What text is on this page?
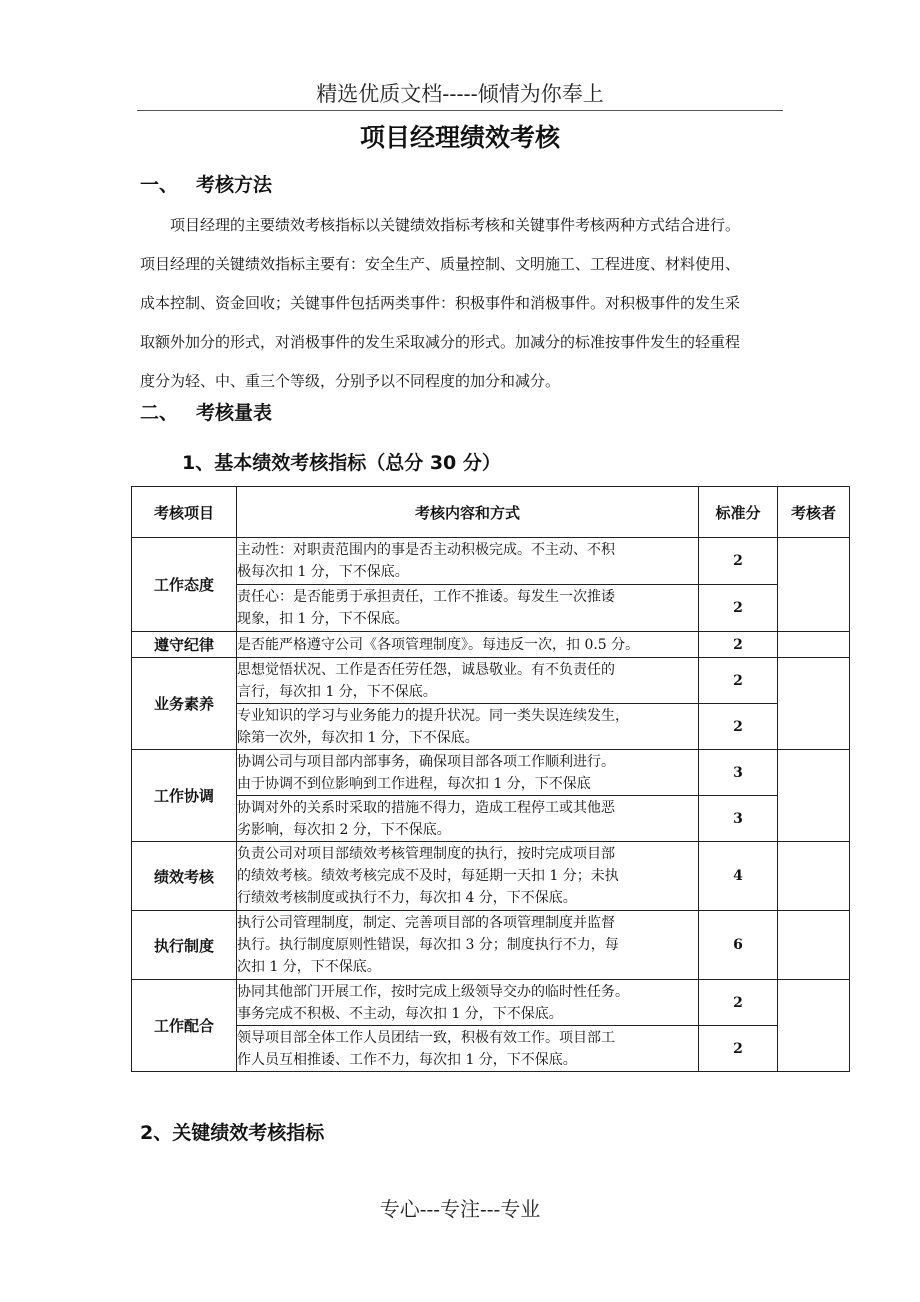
精选优质文档-----倾情为你奉上
项目经理绩效考核
一、 考核方法
项目经理的主要绩效考核指标以关键绩效指标考核和关键事件考核两种方式结合进行。
项目经理的关键绩效指标主要有：安全生产、质量控制、文明施工、工程进度、材料使用、
成本控制、资金回收；关键事件包括两类事件：积极事件和消极事件。对积极事件的发生采
取额外加分的形式，对消极事件的发生采取减分的形式。加减分的标准按事件发生的轻重程
度分为轻、中、重三个等级，分别予以不同程度的加分和减分。
二、 考核量表
1、基本绩效考核指标（总分 30 分）
考核项目	考核内容和方式	标准分	考核者
工作态度	主动性：对职责范围内的事是否主动积极完成。不主动、不积
极每次扣 1 分，下不保底。	2	

	责任心：是否能勇于承担责任，工作不推诿。每发生一次推诿
现象，扣 1 分，下不保底。	2	
遵守纪律	是否能严格遵守公司《各项管理制度》。每违反一次，扣 0.5 分。	2	
业务素养	思想觉悟状况、工作是否任劳任怨，诚恳敬业。有不负责任的
言行，每次扣 1 分，下不保底。	2	

	专业知识的学习与业务能力的提升状况。同一类失误连续发生，
除第一次外，每次扣 1 分，下不保底。	2	
工作协调	协调公司与项目部内部事务，确保项目部各项工作顺利进行。
由于协调不到位影响到工作进程，每次扣 1 分，下不保底	3	

	协调对外的关系时采取的措施不得力，造成工程停工或其他恶
劣影响，每次扣 2 分，下不保底。	3	
绩效考核	负责公司对项目部绩效考核管理制度的执行，按时完成项目部
的绩效考核。绩效考核完成不及时，每延期一天扣 1 分；未执
行绩效考核制度或执行不力，每次扣 4 分，下不保底。	4	
执行制度	执行公司管理制度，制定、完善项目部的各项管理制度并监督
执行。执行制度原则性错误，每次扣 3 分；制度执行不力，每
次扣 1 分，下不保底。	6	
工作配合	协同其他部门开展工作，按时完成上级领导交办的临时性任务。
事务完成不积极、不主动，每次扣 1 分，下不保底。	2	

	领导项目部全体工作人员团结一致，积极有效工作。项目部工
作人员互相推诿、工作不力，每次扣 1 分，下不保底。	2	
2、关键绩效考核指标
专心---专注---专业
